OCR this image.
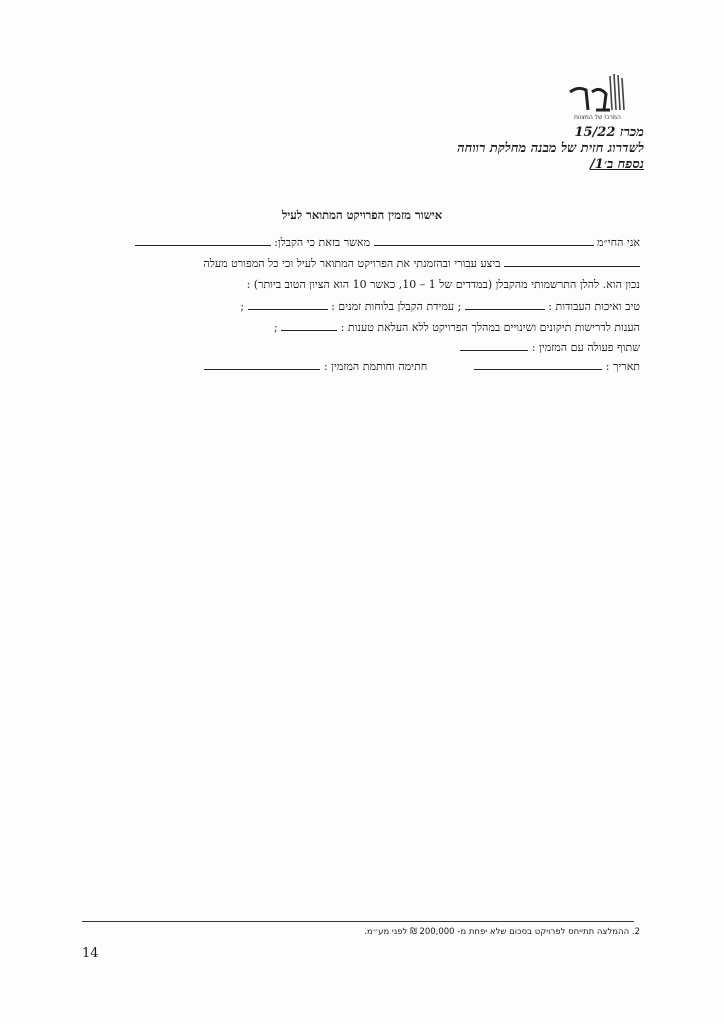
המרכז של המצוות
מכרז 15/22
לשדרוג חזית של מבנה מחלקת רווחה
נספח ב׳1/
אישור מזמין הפרויקט המתואר לעיל
אני החי״מ  מאשר בזאת כי הקבלן:
ביצע עבורי ובהזמנתי את הפרויקט המתואר לעיל וכי כל המפורט מעלה
נכון הוא. להלן התרשמותי מהקבלן (במדדים של 1 – 10, כאשר 10 הוא הציון הטוב ביותר) :
טיב ואיכות העבודות :  ; עמידת הקבלן בלוחות זמנים :  ;
הענות לדרישות תיקונים ושינויים במהלך הפרויקט ללא העלאת טענות :  ;
שתוף פעולה עם המזמין :
תאריך :   חתימה וחותמת המזמין :
2. ההמלצה תתייחס לפרויקט בסכום שלא יפחת מ- 200,000 ₪ לפני מע״מ.
14
